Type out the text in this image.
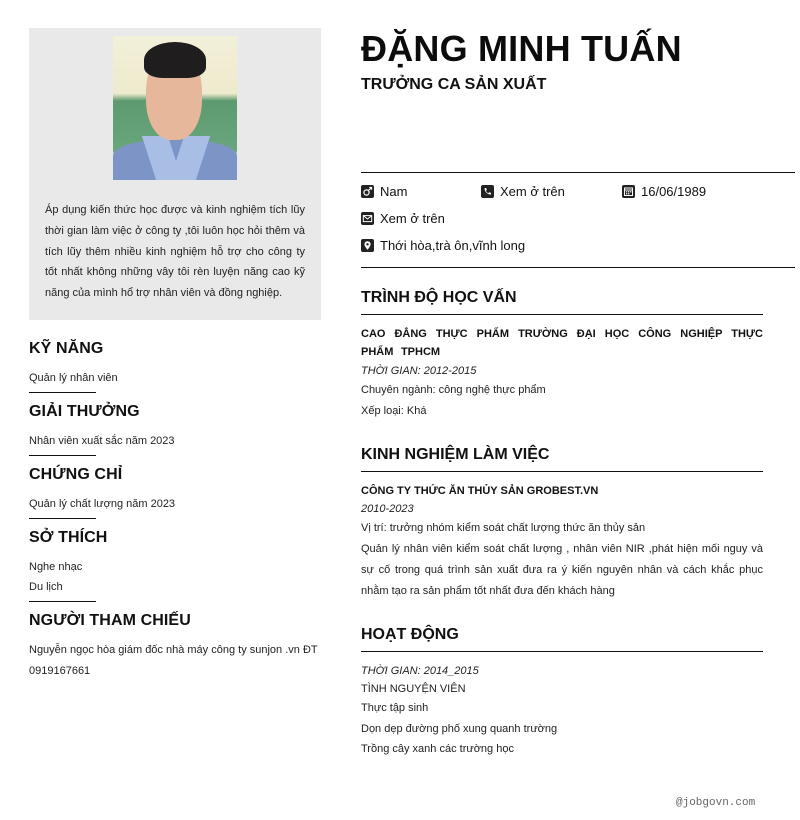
Áp dụng kiến thức học được và kinh nghiệm tích lũy thời gian làm việc ở công ty ,tôi luôn học hỏi thêm và tích lũy thêm nhiều kinh nghiệm hỗ trợ cho công ty tốt nhất không những vây tôi rèn luyện năng cao kỹ năng của mình hổ trợ nhân viên và đồng nghiệp.
KỸ NĂNG
Quản lý nhân viên
GIẢI THƯỞNG
Nhân viên xuất sắc năm 2023
CHỨNG CHỈ
Quản lý chất lượng năm 2023
SỞ THÍCH
Nghe nhạc
Du lịch
NGƯỜI THAM CHIẾU
Nguyễn ngọc hòa giám đốc nhà máy công ty sunjon .vn ĐT 0919167661
ĐẶNG MINH TUẤN
TRƯỞNG CA SẢN XUẤT
Nam	Xem ở trên	16/06/1989
Xem ở trên
Thới hòa,trà ôn,vĩnh long
TRÌNH ĐỘ HỌC VẤN
CAO ĐẲNG THỰC PHẨM TRƯỜNG ĐẠI HỌC CÔNG NGHIỆP THỰC PHẨM TPHCM
THỜI GIAN: 2012-2015
Chuyên ngành: công nghệ thực phẩm
Xếp loại: Khá
KINH NGHIỆM LÀM VIỆC
CÔNG TY THỨC ĂN THỦY SẢN GROBEST.VN
2010-2023
Vị trí: trưởng nhóm kiểm soát chất lượng thức ăn thủy sản
Quản lý nhân viên kiểm soát chất lượng , nhân viên NIR ,phát hiện mối nguy và sự cố trong quá trình sản xuất đưa ra ý kiến nguyên nhân và cách khắc phục nhằm tạo ra sản phẩm tốt nhất đưa đến khách hàng
HOẠT ĐỘNG
THỜI GIAN: 2014_2015
TÌNH NGUYỆN VIÊN
Thực tập sinh
Dọn dẹp đường phố xung quanh trường
Trồng cây xanh các trường học
@jobgovn.com
